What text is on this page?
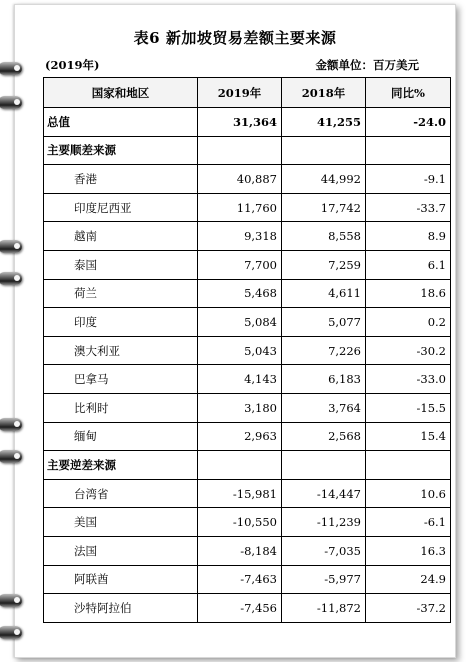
表6 新加坡贸易差额主要来源
(2019年)	金额单位：百万美元
国家和地区	2019年	2018年	同比%
总值	31,364	41,255	-24.0
主要顺差来源			
香港	40,887	44,992	-9.1
印度尼西亚	11,760	17,742	-33.7
越南	9,318	8,558	8.9
泰国	7,700	7,259	6.1
荷兰	5,468	4,611	18.6
印度	5,084	5,077	0.2
澳大利亚	5,043	7,226	-30.2
巴拿马	4,143	6,183	-33.0
比利时	3,180	3,764	-15.5
缅甸	2,963	2,568	15.4
主要逆差来源			
台湾省	-15,981	-14,447	10.6
美国	-10,550	-11,239	-6.1
法国	-8,184	-7,035	16.3
阿联酋	-7,463	-5,977	24.9
沙特阿拉伯	-7,456	-11,872	-37.2
